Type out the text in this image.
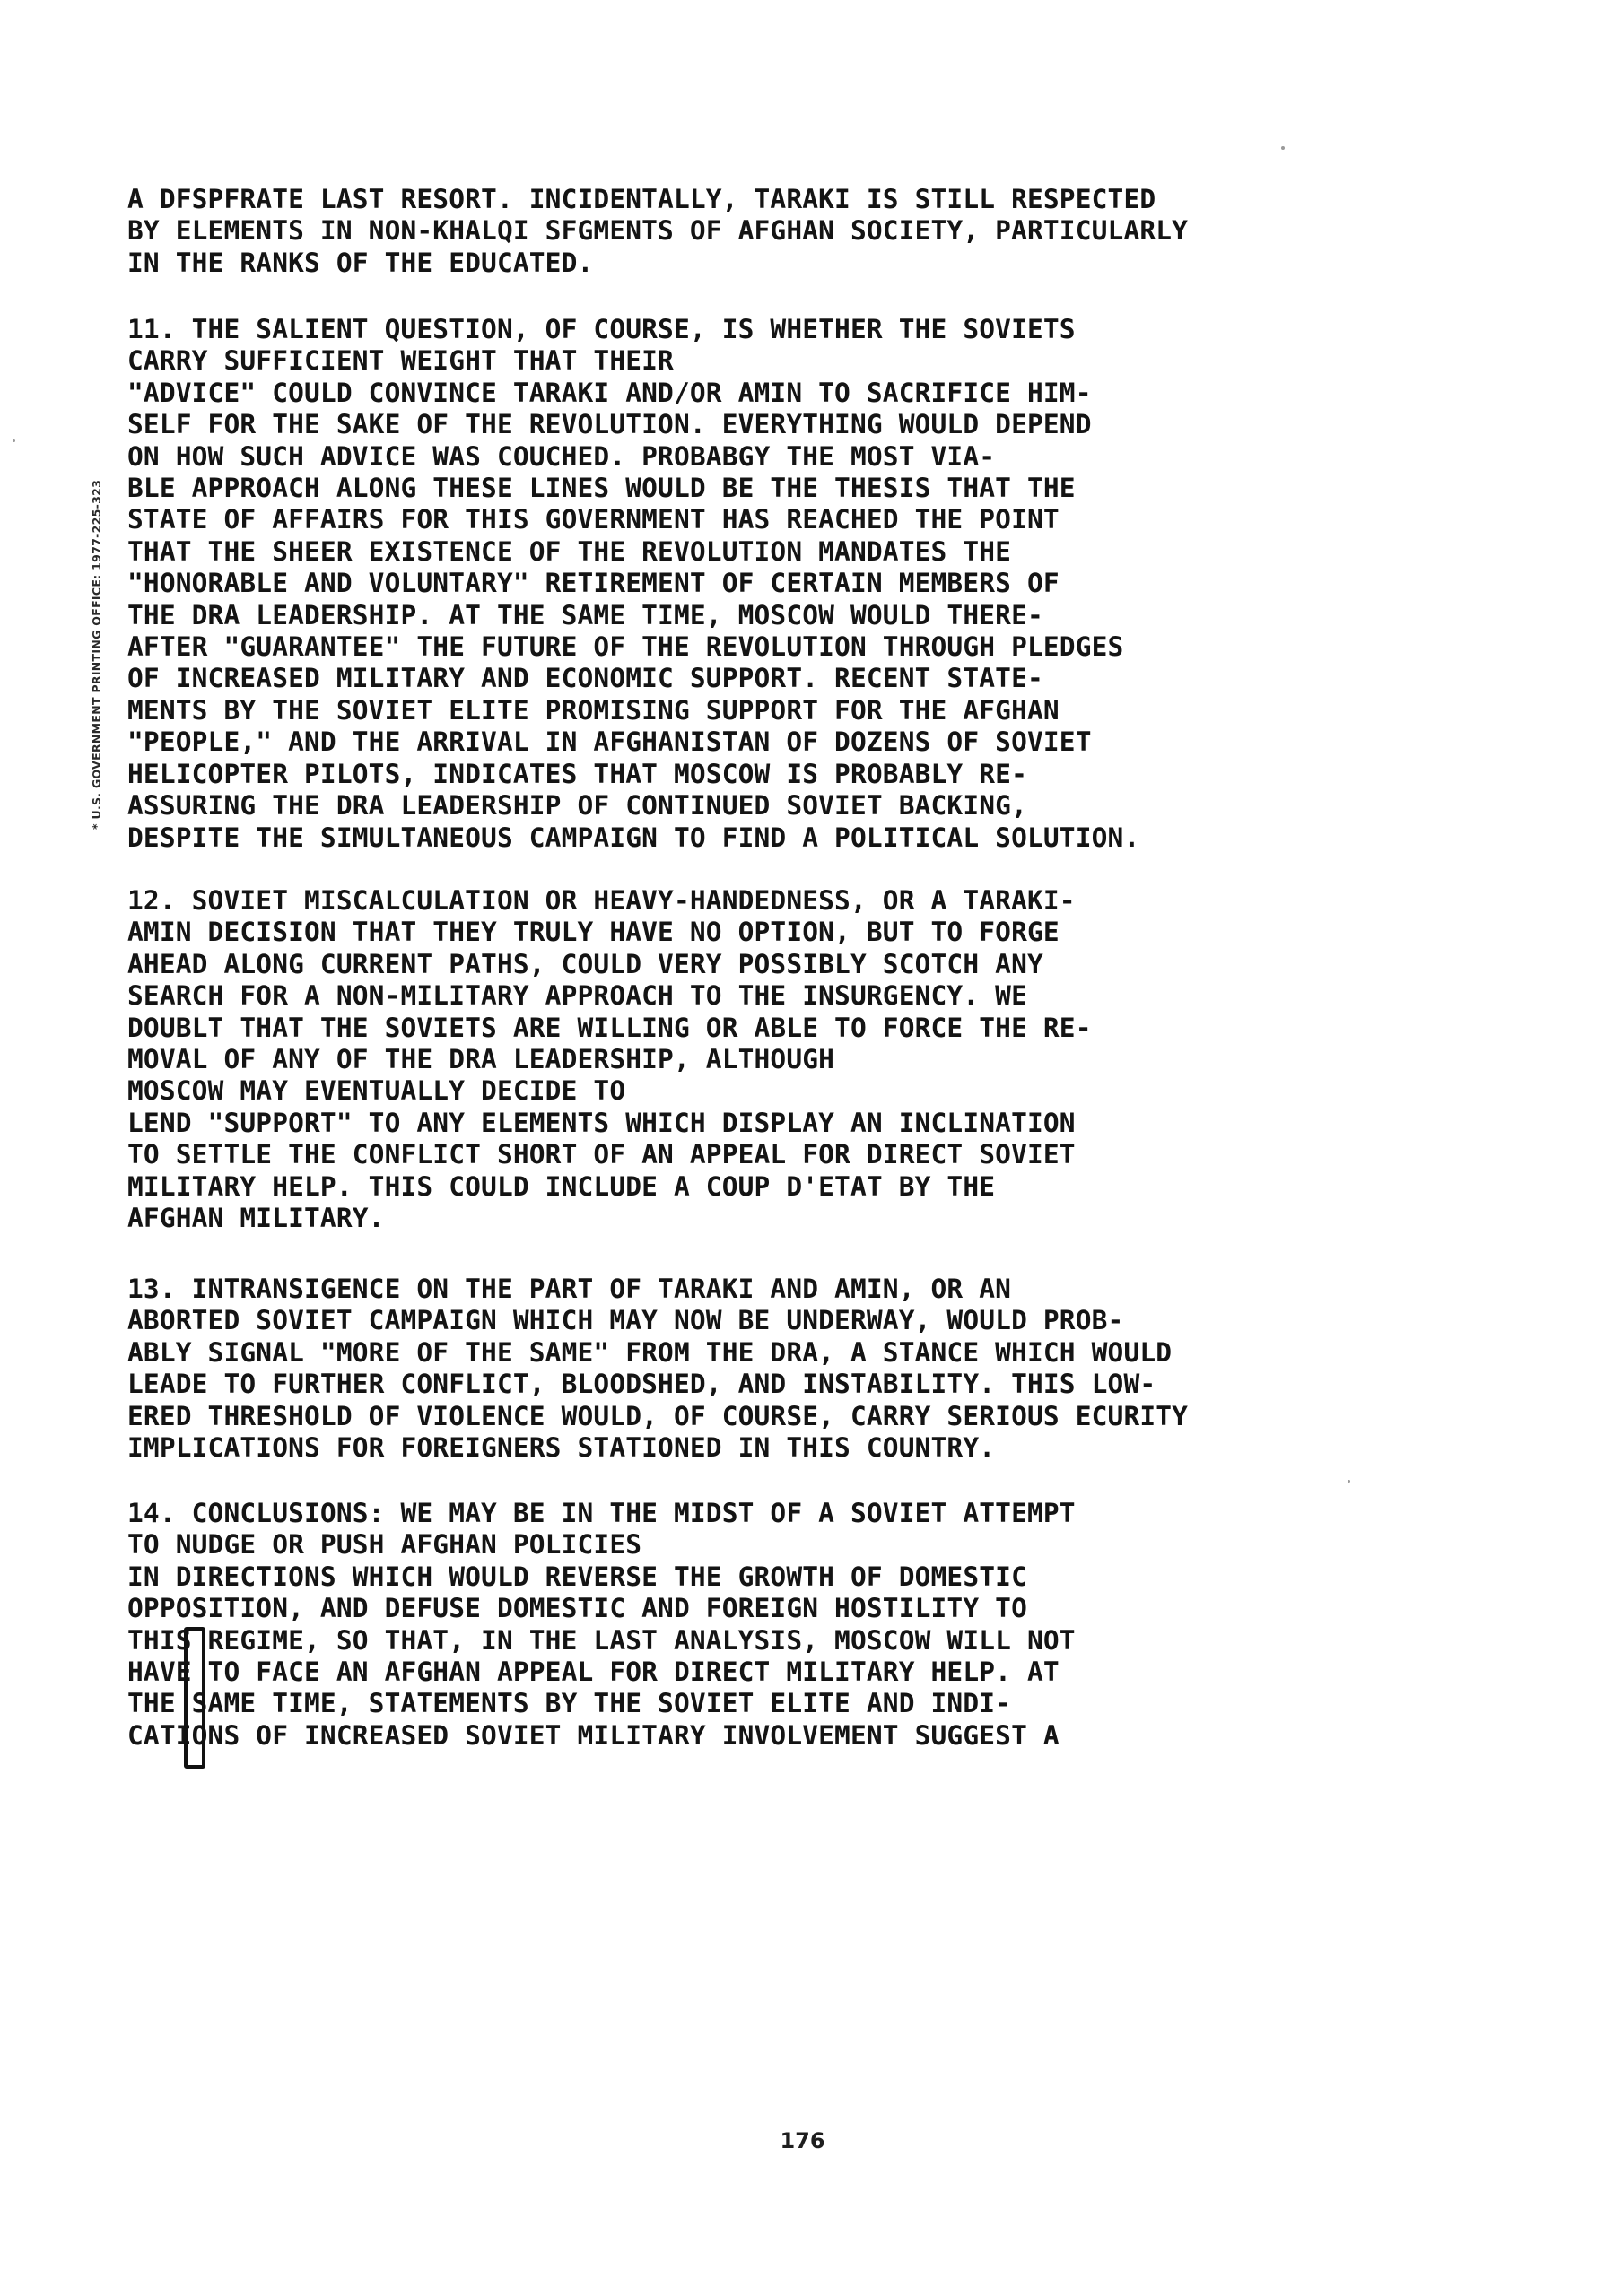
A DFSPFRATE LAST RESORT. INCIDENTALLY, TARAKI IS STILL RESPECTED
BY ELEMENTS IN NON-KHALQI SFGMENTS OF AFGHAN SOCIETY, PARTICULARLY
IN THE RANKS OF THE EDUCATED.
11. THE SALIENT QUESTION, OF COURSE, IS WHETHER THE SOVIETS
CARRY SUFFICIENT WEIGHT THAT THEIR
"ADVICE" COULD CONVINCE TARAKI AND/OR AMIN TO SACRIFICE HIM-
SELF FOR THE SAKE OF THE REVOLUTION. EVERYTHING WOULD DEPEND
ON HOW SUCH ADVICE WAS COUCHED. PROBABGY THE MOST VIA-
BLE APPROACH ALONG THESE LINES WOULD BE THE THESIS THAT THE
STATE OF AFFAIRS FOR THIS GOVERNMENT HAS REACHED THE POINT
THAT THE SHEER EXISTENCE OF THE REVOLUTION MANDATES THE
"HONORABLE AND VOLUNTARY" RETIREMENT OF CERTAIN MEMBERS OF
THE DRA LEADERSHIP. AT THE SAME TIME, MOSCOW WOULD THERE-
AFTER "GUARANTEE" THE FUTURE OF THE REVOLUTION THROUGH PLEDGES
OF INCREASED MILITARY AND ECONOMIC SUPPORT. RECENT STATE-
MENTS BY THE SOVIET ELITE PROMISING SUPPORT FOR THE AFGHAN
"PEOPLE," AND THE ARRIVAL IN AFGHANISTAN OF DOZENS OF SOVIET
HELICOPTER PILOTS, INDICATES THAT MOSCOW IS PROBABLY RE-
ASSURING THE DRA LEADERSHIP OF CONTINUED SOVIET BACKING,
DESPITE THE SIMULTANEOUS CAMPAIGN TO FIND A POLITICAL SOLUTION.
12. SOVIET MISCALCULATION OR HEAVY-HANDEDNESS, OR A TARAKI-
AMIN DECISION THAT THEY TRULY HAVE NO OPTION, BUT TO FORGE
AHEAD ALONG CURRENT PATHS, COULD VERY POSSIBLY SCOTCH ANY
SEARCH FOR A NON-MILITARY APPROACH TO THE INSURGENCY. WE
DOUBLT THAT THE SOVIETS ARE WILLING OR ABLE TO FORCE THE RE-
MOVAL OF ANY OF THE DRA LEADERSHIP, ALTHOUGH
MOSCOW MAY EVENTUALLY DECIDE TO
LEND "SUPPORT" TO ANY ELEMENTS WHICH DISPLAY AN INCLINATION
TO SETTLE THE CONFLICT SHORT OF AN APPEAL FOR DIRECT SOVIET
MILITARY HELP. THIS COULD INCLUDE A COUP D'ETAT BY THE
AFGHAN MILITARY.
13. INTRANSIGENCE ON THE PART OF TARAKI AND AMIN, OR AN
ABORTED SOVIET CAMPAIGN WHICH MAY NOW BE UNDERWAY, WOULD PROB-
ABLY SIGNAL "MORE OF THE SAME" FROM THE DRA, A STANCE WHICH WOULD
LEADE TO FURTHER CONFLICT, BLOODSHED, AND INSTABILITY. THIS LOW-
ERED THRESHOLD OF VIOLENCE WOULD, OF COURSE, CARRY SERIOUS ECURITY
IMPLICATIONS FOR FOREIGNERS STATIONED IN THIS COUNTRY.
14. CONCLUSIONS: WE MAY BE IN THE MIDST OF A SOVIET ATTEMPT
TO NUDGE OR PUSH AFGHAN POLICIES
IN DIRECTIONS WHICH WOULD REVERSE THE GROWTH OF DOMESTIC
OPPOSITION, AND DEFUSE DOMESTIC AND FOREIGN HOSTILITY TO
THIS REGIME, SO THAT, IN THE LAST ANALYSIS, MOSCOW WILL NOT
HAVE TO FACE AN AFGHAN APPEAL FOR DIRECT MILITARY HELP. AT
THE SAME TIME, STATEMENTS BY THE SOVIET ELITE AND INDI-
CATIONS OF INCREASED SOVIET MILITARY INVOLVEMENT SUGGEST A
* U.S. GOVERNMENT PRINTING OFFICE: 1977-225-323
176
